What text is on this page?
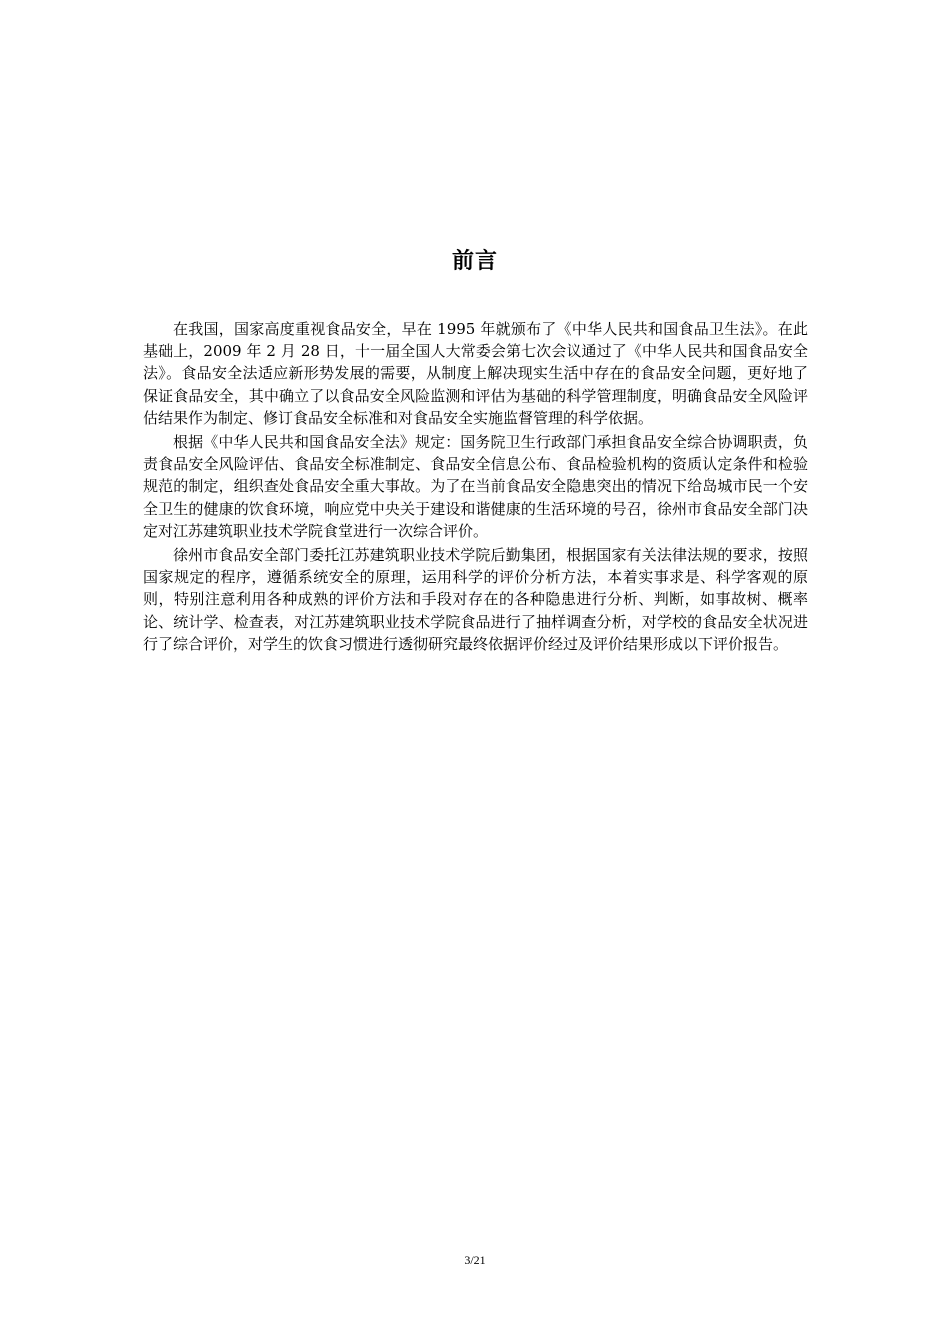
前言

在我国，国家高度重视食品安全，早在 1995 年就颁布了《中华人民共和国食品卫生法》。在此基础上，2009 年 2 月 28 日，十一届全国人大常委会第七次会议通过了《中华人民共和国食品安全法》。食品安全法适应新形势发展的需要，从制度上解决现实生活中存在的食品安全问题，更好地了保证食品安全，其中确立了以食品安全风险监测和评估为基础的科学管理制度，明确食品安全风险评估结果作为制定、修订食品安全标准和对食品安全实施监督管理的科学依据。

根据《中华人民共和国食品安全法》规定：国务院卫生行政部门承担食品安全综合协调职责，负责食品安全风险评估、食品安全标准制定、食品安全信息公布、食品检验机构的资质认定条件和检验规范的制定，组织查处食品安全重大事故。为了在当前食品安全隐患突出的情况下给岛城市民一个安全卫生的健康的饮食环境，响应党中央关于建设和谐健康的生活环境的号召，徐州市食品安全部门决定对江苏建筑职业技术学院食堂进行一次综合评价。

徐州市食品安全部门委托江苏建筑职业技术学院后勤集团，根据国家有关法律法规的要求，按照国家规定的程序，遵循系统安全的原理，运用科学的评价分析方法，本着实事求是、科学客观的原则，特别注意利用各种成熟的评价方法和手段对存在的各种隐患进行分析、判断，如事故树、概率论、统计学、检查表，对江苏建筑职业技术学院食品进行了抽样调查分析，对学校的食品安全状况进行了综合评价，对学生的饮食习惯进行透彻研究最终依据评价经过及评价结果形成以下评价报告。

3/21
